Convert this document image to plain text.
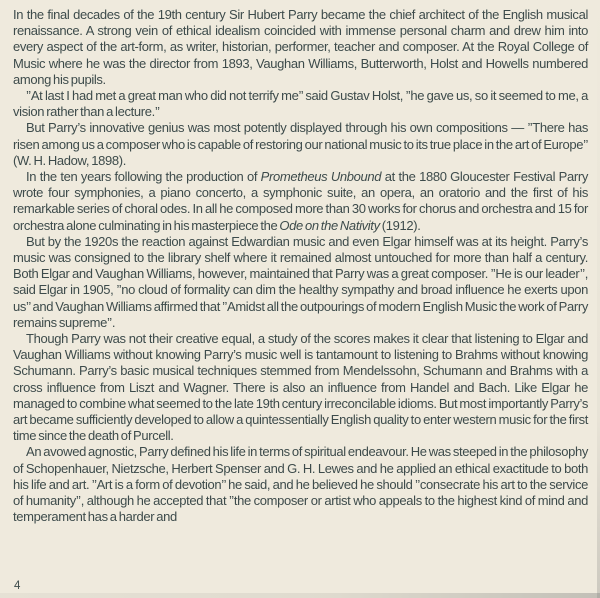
In the final decades of the 19th century Sir Hubert Parry became the chief architect of the English musical renaissance. A strong vein of ethical idealism coincided with immense personal charm and drew him into every aspect of the art-form, as writer, historian, performer, teacher and composer. At the Royal College of Music where he was the director from 1893, Vaughan Williams, Butterworth, Holst and Howells numbered among his pupils.

’’At last I had met a great man who did not terrify me’’ said Gustav Holst, ’’he gave us, so it seemed to me, a vision rather than a lecture.’’

But Parry’s innovative genius was most potently displayed through his own compositions — ’’There has risen among us a composer who is capable of restoring our national music to its true place in the art of Europe’’ (W. H. Hadow, 1898).

In the ten years following the production of Prometheus Unbound at the 1880 Gloucester Festival Parry wrote four symphonies, a piano concerto, a symphonic suite, an opera, an oratorio and the first of his remarkable series of choral odes. In all he composed more than 30 works for chorus and orchestra and 15 for orchestra alone culminating in his masterpiece the Ode on the Nativity (1912).

But by the 1920s the reaction against Edwardian music and even Elgar himself was at its height. Parry’s music was consigned to the library shelf where it remained almost untouched for more than half a century. Both Elgar and Vaughan Williams, however, maintained that Parry was a great composer. ’’He is our leader’’, said Elgar in 1905, ’’no cloud of formality can dim the healthy sympathy and broad influence he exerts upon us’’ and Vaughan Williams affirmed that ’’Amidst all the outpourings of modern English Music the work of Parry remains supreme’’.

Though Parry was not their creative equal, a study of the scores makes it clear that listening to Elgar and Vaughan Williams without knowing Parry’s music well is tantamount to listening to Brahms without knowing Schumann. Parry’s basic musical techniques stemmed from Mendelssohn, Schumann and Brahms with a cross influence from Liszt and Wagner. There is also an influence from Handel and Bach. Like Elgar he managed to combine what seemed to the late 19th century irreconcilable idioms. But most importantly Parry’s art became sufficiently developed to allow a quintessentially English quality to enter western music for the first time since the death of Purcell.

An avowed agnostic, Parry defined his life in terms of spiritual endeavour. He was steeped in the philosophy of Schopenhauer, Nietzsche, Herbert Spenser and G. H. Lewes and he applied an ethical exactitude to both his life and art. ’’Art is a form of devotion’’ he said, and he believed he should ’’consecrate his art to the service of humanity’’, although he accepted that ’’the composer or artist who appeals to the highest kind of mind and temperament has a harder and

4
